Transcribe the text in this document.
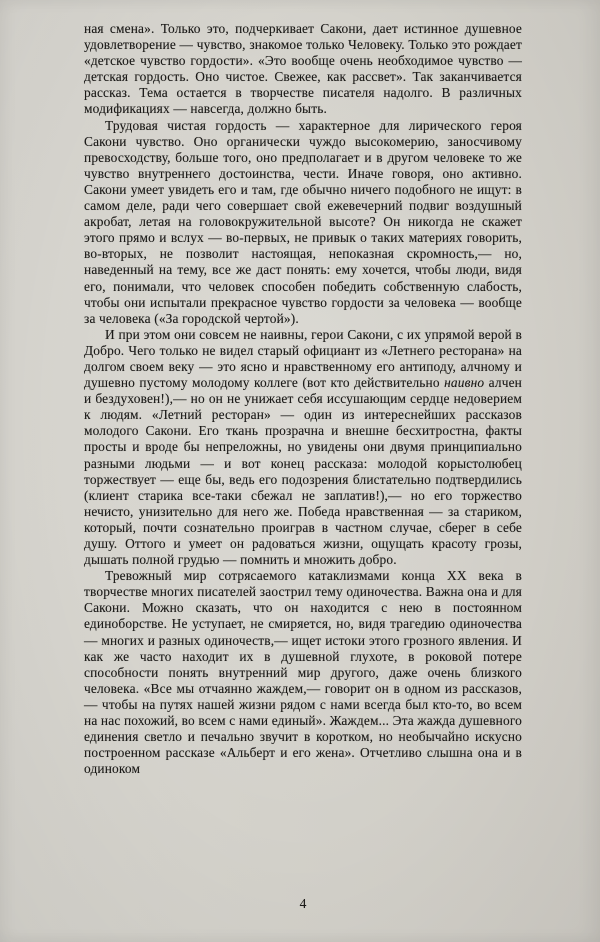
ная смена». Только это, подчеркивает Сакони, дает истинное душевное удовлетворение — чувство, знакомое только Человеку. Только это рождает «детское чувство гордости». «Это вообще очень необходимое чувство — детская гордость. Оно чистое. Свежее, как рассвет». Так заканчивается рассказ. Тема остается в творчестве писателя надолго. В различных модификациях — навсегда, должно быть.

Трудовая чистая гордость — характерное для лирического героя Сакони чувство. Оно органически чуждо высокомерию, заносчивому превосходству, больше того, оно предполагает и в другом человеке то же чувство внутреннего достоинства, чести. Иначе говоря, оно активно. Сакони умеет увидеть его и там, где обычно ничего подобного не ищут: в самом деле, ради чего совершает свой ежевечерний подвиг воздушный акробат, летая на головокружительной высоте? Он никогда не скажет этого прямо и вслух — во-первых, не привык о таких материях говорить, во-вторых, не позволит настоящая, непоказная скромность,— но, наведенный на тему, все же даст понять: ему хочется, чтобы люди, видя его, понимали, что человек способен победить собственную слабость, чтобы они испытали прекрасное чувство гордости за человека — вообще за человека («За городской чертой»).

И при этом они совсем не наивны, герои Сакони, с их упрямой верой в Добро. Чего только не видел старый официант из «Летнего ресторана» на долгом своем веку — это ясно и нравственному его антиподу, алчному и душевно пустому молодому коллеге (вот кто действительно наивно алчен и бездуховен!),— но он не унижает себя иссушающим сердце недоверием к людям. «Летний ресторан» — один из интереснейших рассказов молодого Сакони. Его ткань прозрачна и внешне бесхитростна, факты просты и вроде бы непреложны, но увидены они двумя принципиально разными людьми — и вот конец рассказа: молодой корыстолюбец торжествует — еще бы, ведь его подозрения блистательно подтвердились (клиент старика все-таки сбежал не заплатив!),— но его торжество нечисто, унизительно для него же. Победа нравственная — за стариком, который, почти сознательно проиграв в частном случае, сберег в себе душу. Оттого и умеет он радоваться жизни, ощущать красоту грозы, дышать полной грудью — помнить и множить добро.

Тревожный мир сотрясаемого катаклизмами конца XX века в творчестве многих писателей заострил тему одиночества. Важна она и для Сакони. Можно сказать, что он находится с нею в постоянном единоборстве. Не уступает, не смиряется, но, видя трагедию одиночества — многих и разных одиночеств,— ищет истоки этого грозного явления. И как же часто находит их в душевной глухоте, в роковой потере способности понять внутренний мир другого, даже очень близкого человека. «Все мы отчаянно жаждем,— говорит он в одном из рассказов,— чтобы на путях нашей жизни рядом с нами всегда был кто-то, во всем на нас похожий, во всем с нами единый». Жаждем... Эта жажда душевного единения светло и печально звучит в коротком, но необычайно искусно построенном рассказе «Альберт и его жена». Отчетливо слышна она и в одиноком

4
